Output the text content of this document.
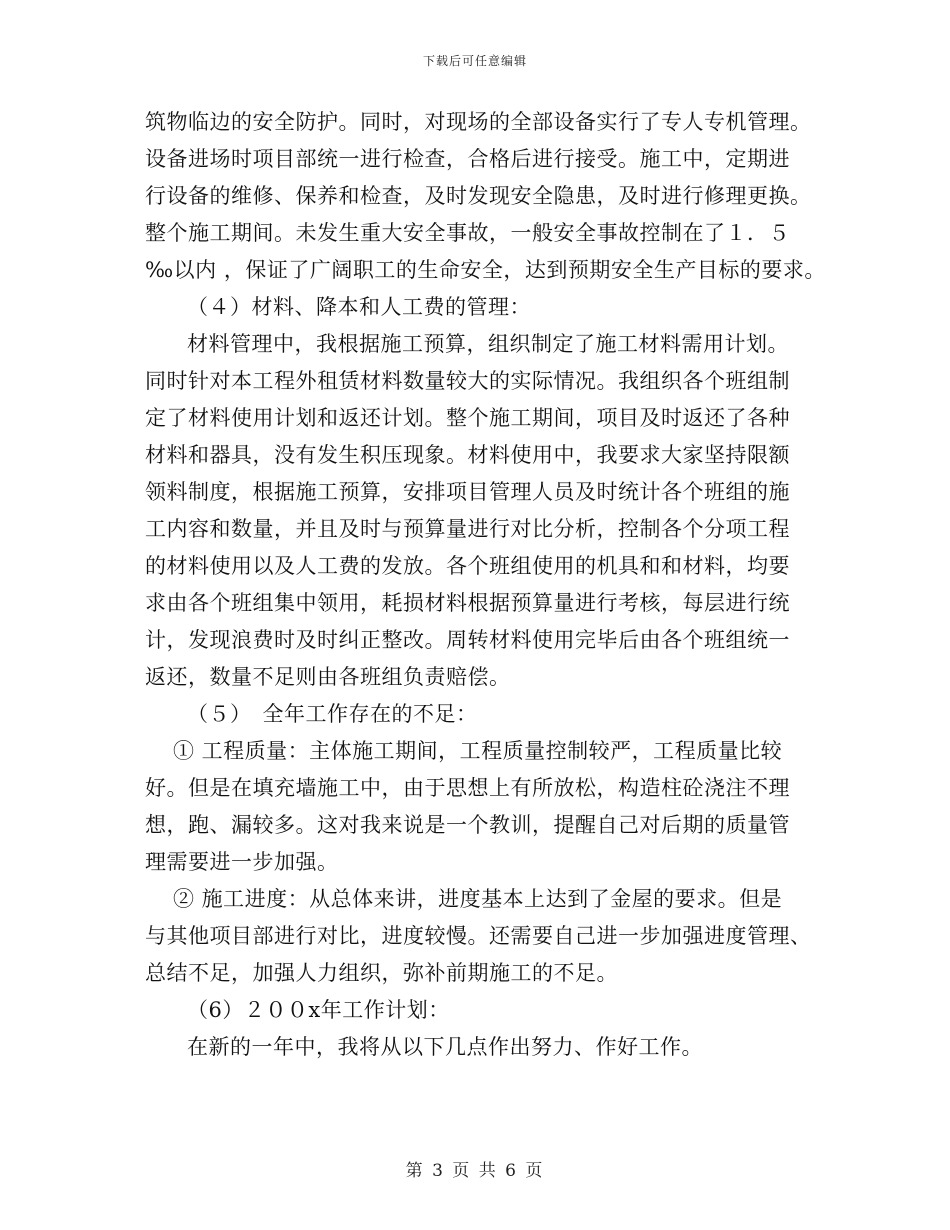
下载后可任意编辑
筑物临边的安全防护。同时，对现场的全部设备实行了专人专机管理。
设备进场时项目部统一进行检查，合格后进行接受。施工中，定期进
行设备的维修、保养和检查，及时发现安全隐患，及时进行修理更换。
整个施工期间。未发生重大安全事故，一般安全事故控制在了１．５
‰以内 ，保证了广阔职工的生命安全，达到预期安全生产目标的要求。
（４）材料、降本和人工费的管理：
材料管理中，我根据施工预算，组织制定了施工材料需用计划。
同时针对本工程外租赁材料数量较大的实际情况。我组织各个班组制
定了材料使用计划和返还计划。整个施工期间，项目及时返还了各种
材料和器具，没有发生积压现象。材料使用中，我要求大家坚持限额
领料制度，根据施工预算，安排项目管理人员及时统计各个班组的施
工内容和数量，并且及时与预算量进行对比分析，控制各个分项工程
的材料使用以及人工费的发放。各个班组使用的机具和和材料，均要
求由各个班组集中领用，耗损材料根据预算量进行考核，每层进行统
计，发现浪费时及时纠正整改。周转材料使用完毕后由各个班组统一
返还，数量不足则由各班组负责赔偿。
（５）　全年工作存在的不足：
① 工程质量：主体施工期间，工程质量控制较严，工程质量比较
好。但是在填充墙施工中，由于思想上有所放松，构造柱砼浇注不理
想，跑、漏较多。这对我来说是一个教训，提醒自己对后期的质量管
理需要进一步加强。
② 施工进度：从总体来讲，进度基本上达到了金屋的要求。但是
与其他项目部进行对比，进度较慢。还需要自己进一步加强进度管理、
总结不足，加强人力组织，弥补前期施工的不足。
（6）２００x年工作计划：
在新的一年中，我将从以下几点作出努力、作好工作。
第 3 页 共 6 页
